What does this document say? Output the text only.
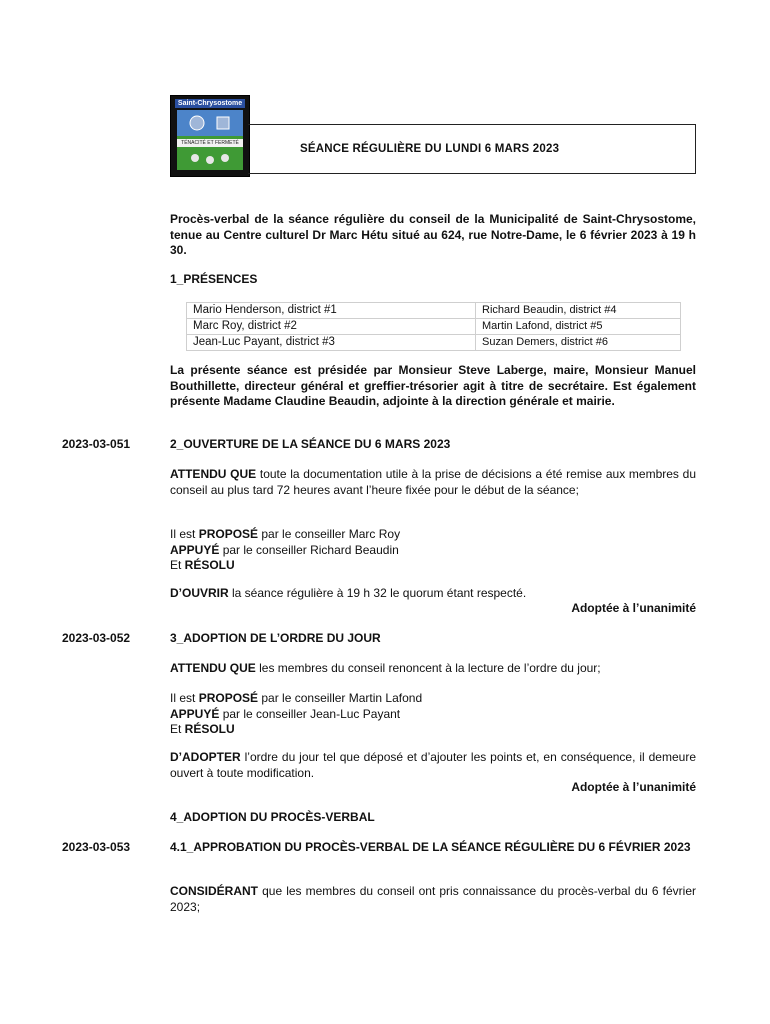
Saint-Chrysostome
TÉNACITÉ ET FERMETÉ	SÉANCE RÉGULIÈRE DU LUNDI 6 MARS 2023
Procès-verbal de la séance régulière du conseil de la Municipalité de Saint-Chrysostome, tenue au Centre culturel Dr Marc Hétu situé au 624, rue Notre-Dame, le 6 février 2023 à 19 h 30.
1_PRÉSENCES
Mario Henderson, district #1	Richard Beaudin, district #4
Marc Roy, district #2	Martin Lafond, district #5
Jean-Luc Payant, district #3	Suzan Demers, district #6
La présente séance est présidée par Monsieur Steve Laberge, maire, Monsieur Manuel Bouthillette, directeur général et greffier-trésorier agit à titre de secrétaire. Est également présente Madame Claudine Beaudin, adjointe à la direction générale et mairie.
2023-03-051	2_OUVERTURE DE LA SÉANCE DU 6 MARS 2023
ATTENDU QUE toute la documentation utile à la prise de décisions a été remise aux membres du conseil au plus tard 72 heures avant l’heure fixée pour le début de la séance;
Il est PROPOSÉ par le conseiller Marc Roy
APPUYÉ par le conseiller Richard Beaudin
Et RÉSOLU
D’OUVRIR la séance régulière à 19 h 32 le quorum étant respecté.
Adoptée à l’unanimité
2023-03-052	3_ADOPTION DE L’ORDRE DU JOUR
ATTENDU QUE les membres du conseil renoncent à la lecture de l’ordre du jour;
Il est PROPOSÉ par le conseiller Martin Lafond
APPUYÉ par le conseiller Jean-Luc Payant
Et RÉSOLU
D’ADOPTER l’ordre du jour tel que déposé et d’ajouter les points et, en conséquence, il demeure ouvert à toute modification.
Adoptée à l’unanimité
4_ADOPTION DU PROCÈS-VERBAL
2023-03-053	4.1_APPROBATION DU PROCÈS-VERBAL DE LA SÉANCE RÉGULIÈRE DU 6 FÉVRIER 2023
CONSIDÉRANT que les membres du conseil ont pris connaissance du procès-verbal du 6 février 2023;
